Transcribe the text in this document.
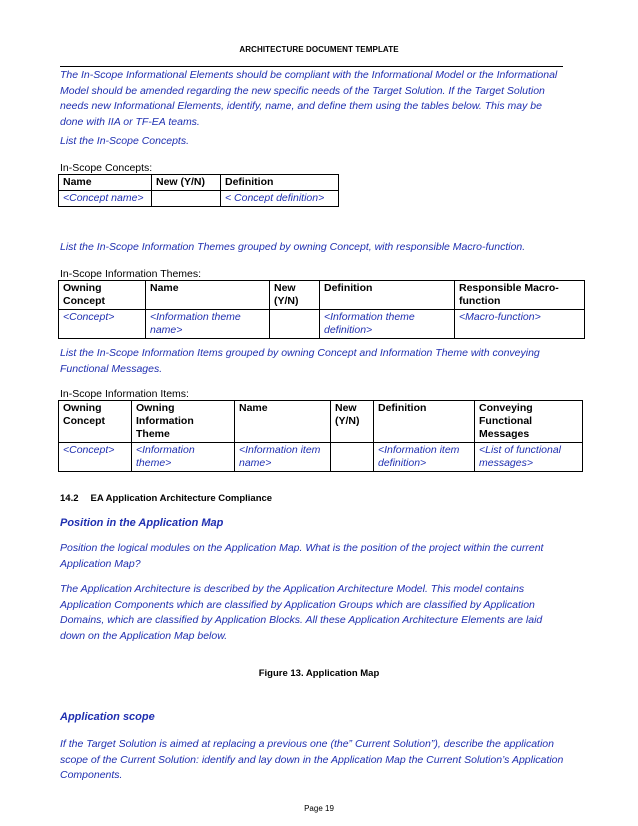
ARCHITECTURE DOCUMENT TEMPLATE

The In-Scope Informational Elements should be compliant with the Informational Model or the Informational Model should be amended regarding the new specific needs of the Target Solution. If the Target Solution needs new Informational Elements, identify, name, and define them using the tables below. This may be done with IIA or TF-EA teams.

List the In-Scope Concepts.

In-Scope Concepts:
Name	New (Y/N)	Definition
<Concept name>		< Concept definition>

List the In-Scope Information Themes grouped by owning Concept, with responsible Macro-function.

In-Scope Information Themes:
Owning Concept	Name	New (Y/N)	Definition	Responsible Macro-function
<Concept>	<Information theme name>		<Information theme definition>	<Macro-function>

List the In-Scope Information Items grouped by owning Concept and Information Theme with conveying Functional Messages.

In-Scope Information Items:
Owning Concept	Owning Information Theme	Name	New (Y/N)	Definition	Conveying Functional Messages
<Concept>	<Information theme>	<Information item name>		<Information item definition>	<List of functional messages>
14.2 EA Application Architecture Compliance
Position in the Application Map

Position the logical modules on the Application Map. What is the position of the project within the current Application Map?

The Application Architecture is described by the Application Architecture Model. This model contains Application Components which are classified by Application Groups which are classified by Application Domains, which are classified by Application Blocks. All these Application Architecture Elements are laid down on the Application Map below.

Figure 13. Application Map
Application scope

If the Target Solution is aimed at replacing a previous one (the” Current Solution”), describe the application scope of the Current Solution: identify and lay down in the Application Map the Current Solution’s Application Components.

Page 19
